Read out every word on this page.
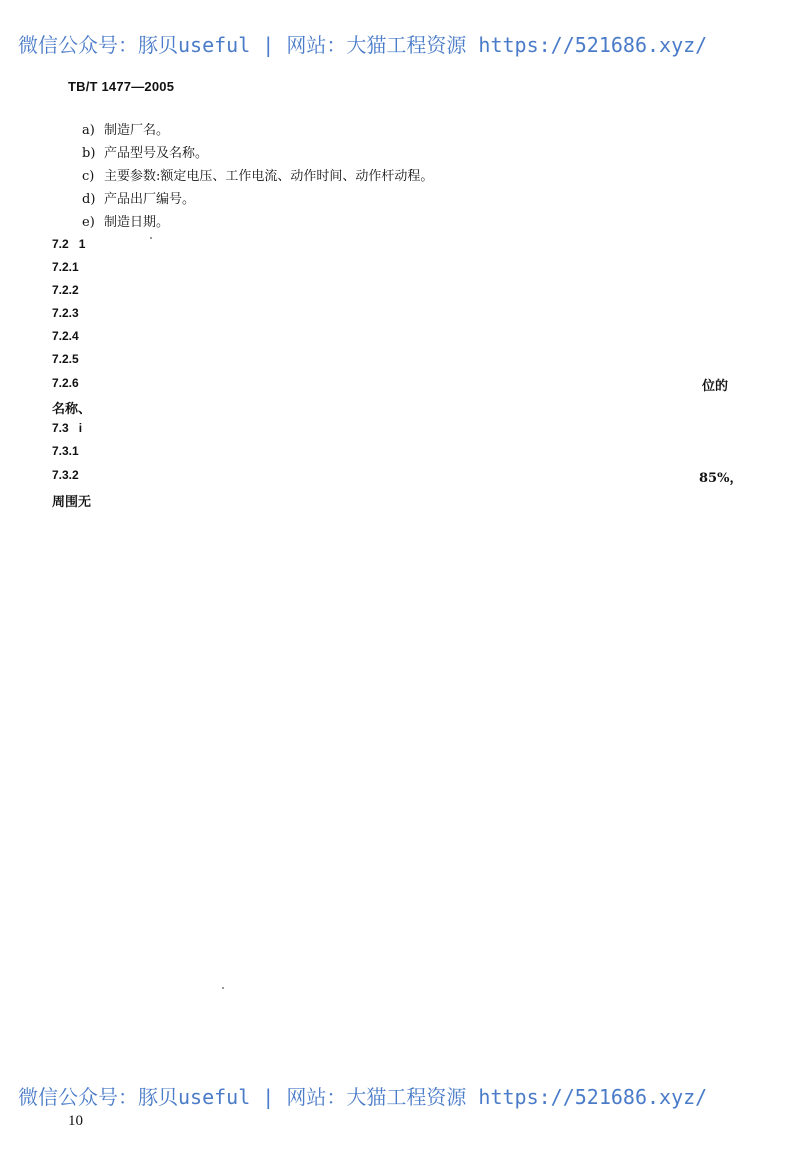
微信公众号：豚贝useful | 网站：大猫工程资源 https://521686.xyz/
TB/T 1477—2005
a) 制造厂名。
b) 产品型号及名称。
c) 主要参数:额定电压、工作电流、动作时间、动作杆动程。
d) 产品出厂编号。
e) 制造日期。
7.2 1
7.2.1
7.2.2
7.2.3
7.2.4
7.2.5
7.2.6	位的
名称、
7.3 i
7.3.1
7.3.2	85%，
周围无
微信公众号：豚贝useful | 网站：大猫工程资源 https://521686.xyz/
10
